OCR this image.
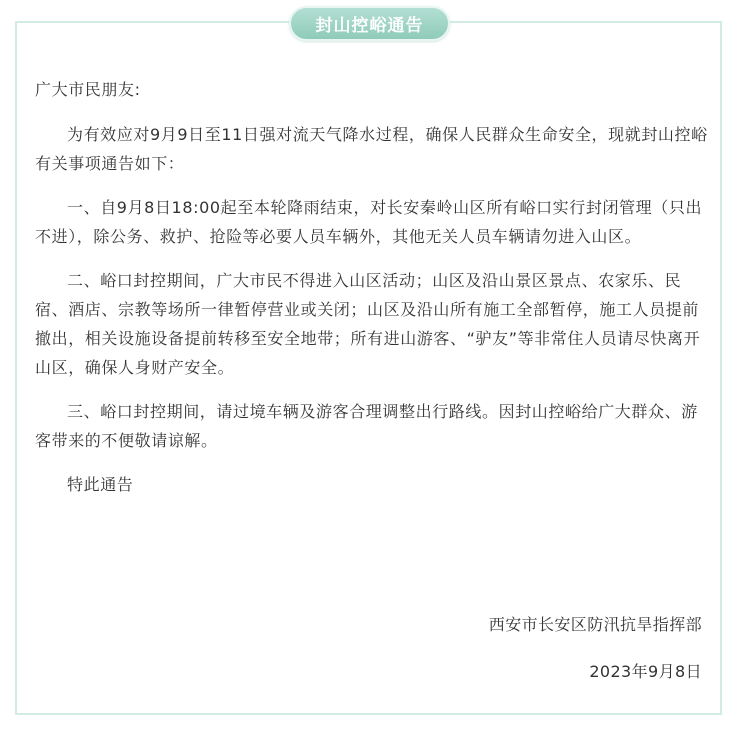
封山控峪通告

广大市民朋友:

为有效应对9月9日至11日强对流天气降水过程，确保人民群众生命安全，现就封山控峪有关事项通告如下：

一、自9月8日18:00起至本轮降雨结束，对长安秦岭山区所有峪口实行封闭管理（只出不进），除公务、救护、抢险等必要人员车辆外，其他无关人员车辆请勿进入山区。

二、峪口封控期间，广大市民不得进入山区活动；山区及沿山景区景点、农家乐、民宿、酒店、宗教等场所一律暂停营业或关闭；山区及沿山所有施工全部暂停，施工人员提前撤出，相关设施设备提前转移至安全地带；所有进山游客、“驴友”等非常住人员请尽快离开山区，确保人身财产安全。

三、峪口封控期间，请过境车辆及游客合理调整出行路线。因封山控峪给广大群众、游客带来的不便敬请谅解。

特此通告

西安市长安区防汛抗旱指挥部
2023年9月8日
